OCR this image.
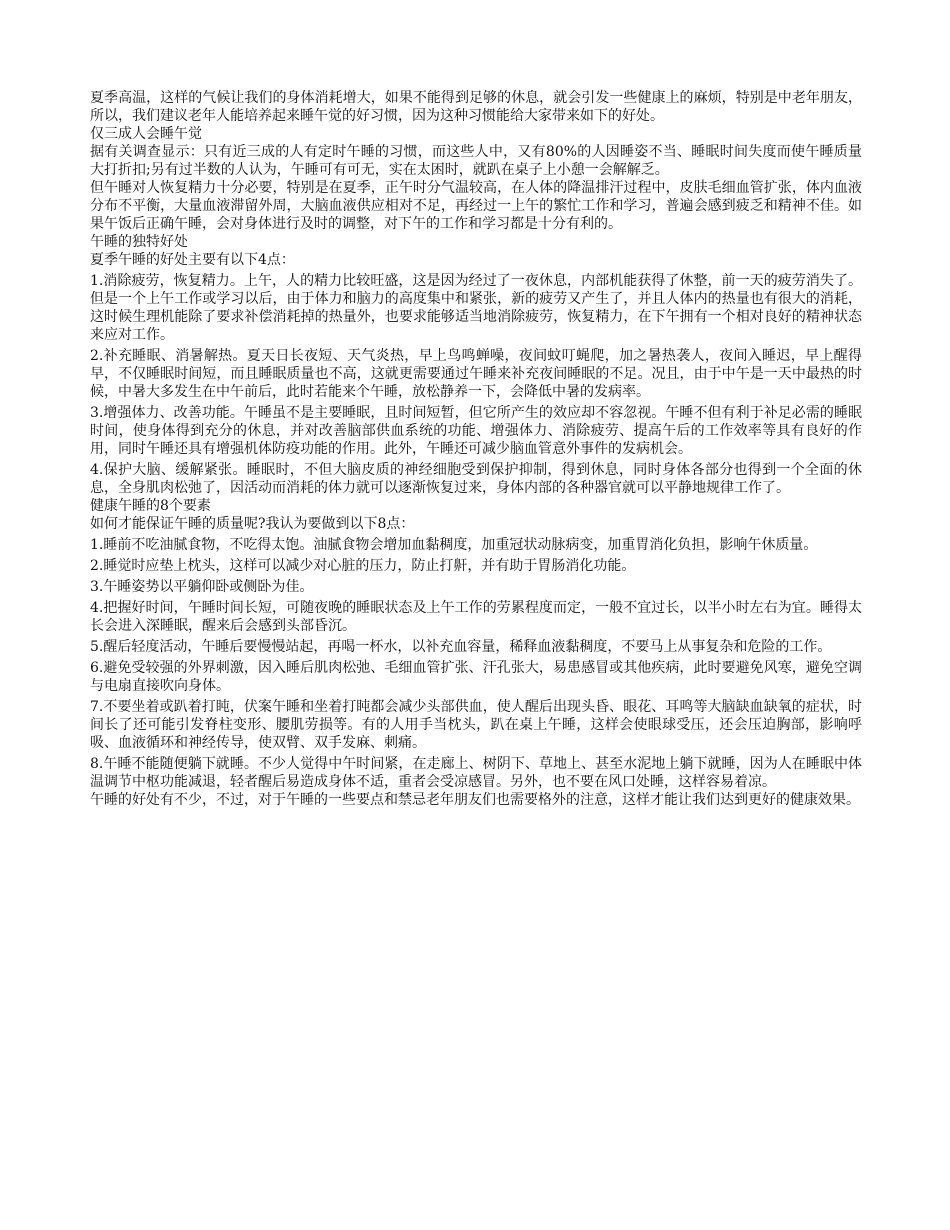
夏季高温，这样的气候让我们的身体消耗增大，如果不能得到足够的休息，就会引发一些健康上的麻烦，特别是中老年朋友，所以，我们建议老年人能培养起来睡午觉的好习惯，因为这种习惯能给大家带来如下的好处。

仅三成人会睡午觉

据有关调查显示：只有近三成的人有定时午睡的习惯，而这些人中，又有80%的人因睡姿不当、睡眠时间失度而使午睡质量大打折扣;另有过半数的人认为，午睡可有可无，实在太困时，就趴在桌子上小憩一会解解乏。

但午睡对人恢复精力十分必要，特别是在夏季，正午时分气温较高，在人体的降温排汗过程中，皮肤毛细血管扩张，体内血液分布不平衡，大量血液滞留外周，大脑血液供应相对不足，再经过一上午的繁忙工作和学习，普遍会感到疲乏和精神不佳。如果午饭后正确午睡，会对身体进行及时的调整，对下午的工作和学习都是十分有利的。

午睡的独特好处

夏季午睡的好处主要有以下4点：

1.消除疲劳，恢复精力。上午，人的精力比较旺盛，这是因为经过了一夜休息，内部机能获得了休整，前一天的疲劳消失了。但是一个上午工作或学习以后，由于体力和脑力的高度集中和紧张，新的疲劳又产生了，并且人体内的热量也有很大的消耗，这时候生理机能除了要求补偿消耗掉的热量外，也要求能够适当地消除疲劳，恢复精力，在下午拥有一个相对良好的精神状态来应对工作。

2.补充睡眠、消暑解热。夏天日长夜短、天气炎热，早上鸟鸣蝉噪，夜间蚊叮蝇爬，加之暑热袭人，夜间入睡迟，早上醒得早，不仅睡眠时间短，而且睡眠质量也不高，这就更需要通过午睡来补充夜间睡眠的不足。况且，由于中午是一天中最热的时候，中暑大多发生在中午前后，此时若能来个午睡，放松静养一下，会降低中暑的发病率。

3.增强体力、改善功能。午睡虽不是主要睡眠，且时间短暂，但它所产生的效应却不容忽视。午睡不但有利于补足必需的睡眠时间，使身体得到充分的休息，并对改善脑部供血系统的功能、增强体力、消除疲劳、提高午后的工作效率等具有良好的作用，同时午睡还具有增强机体防疫功能的作用。此外，午睡还可减少脑血管意外事件的发病机会。

4.保护大脑、缓解紧张。睡眠时，不但大脑皮质的神经细胞受到保护抑制，得到休息，同时身体各部分也得到一个全面的休息，全身肌肉松弛了，因活动而消耗的体力就可以逐渐恢复过来，身体内部的各种器官就可以平静地规律工作了。

健康午睡的8个要素

如何才能保证午睡的质量呢?我认为要做到以下8点：

1.睡前不吃油腻食物，不吃得太饱。油腻食物会增加血黏稠度，加重冠状动脉病变，加重胃消化负担，影响午休质量。

2.睡觉时应垫上枕头，这样可以减少对心脏的压力，防止打鼾，并有助于胃肠消化功能。

3.午睡姿势以平躺仰卧或侧卧为佳。

4.把握好时间，午睡时间长短，可随夜晚的睡眠状态及上午工作的劳累程度而定，一般不宜过长，以半小时左右为宜。睡得太长会进入深睡眠，醒来后会感到头部昏沉。

5.醒后轻度活动，午睡后要慢慢站起，再喝一杯水，以补充血容量，稀释血液黏稠度，不要马上从事复杂和危险的工作。

6.避免受较强的外界刺激，因入睡后肌肉松弛、毛细血管扩张、汗孔张大，易患感冒或其他疾病，此时要避免风寒，避免空调与电扇直接吹向身体。

7.不要坐着或趴着打盹，伏案午睡和坐着打盹都会减少头部供血，使人醒后出现头昏、眼花、耳鸣等大脑缺血缺氧的症状，时间长了还可能引发脊柱变形、腰肌劳损等。有的人用手当枕头，趴在桌上午睡，这样会使眼球受压，还会压迫胸部，影响呼吸、血液循环和神经传导，使双臂、双手发麻、刺痛。

8.午睡不能随便躺下就睡。不少人觉得中午时间紧，在走廊上、树阴下、草地上、甚至水泥地上躺下就睡，因为人在睡眠中体温调节中枢功能减退，轻者醒后易造成身体不适，重者会受凉感冒。另外，也不要在风口处睡，这样容易着凉。

午睡的好处有不少，不过，对于午睡的一些要点和禁忌老年朋友们也需要格外的注意，这样才能让我们达到更好的健康效果。
